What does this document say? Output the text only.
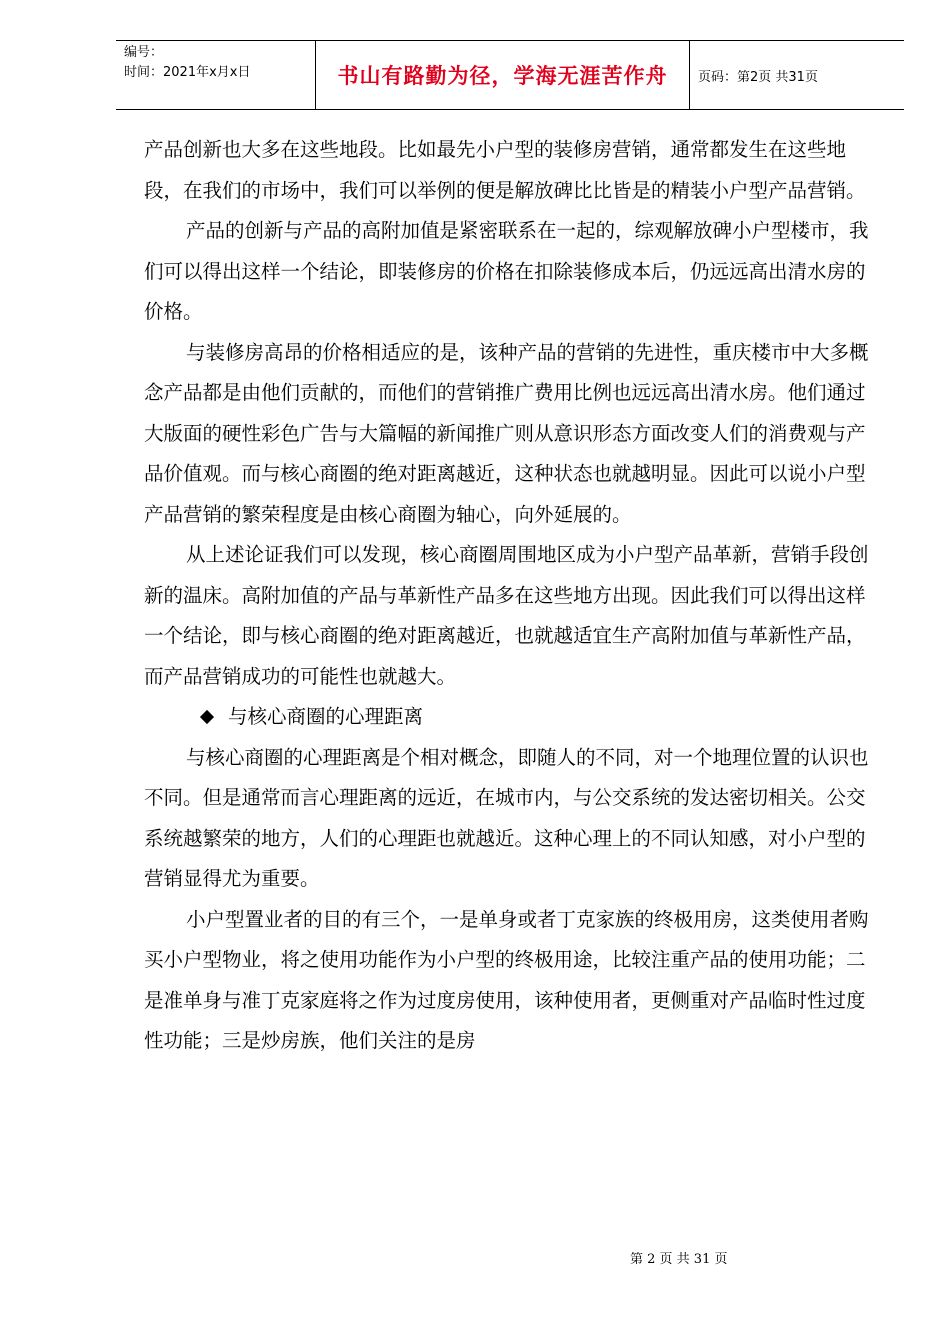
编号：
时间：2021年x月x日	书山有路勤为径，学海无涯苦作舟	页码：第2页 共31页

产品创新也大多在这些地段。比如最先小户型的装修房营销，通常都发生在这些地段，在我们的市场中，我们可以举例的便是解放碑比比皆是的精装小户型产品营销。

产品的创新与产品的高附加值是紧密联系在一起的，综观解放碑小户型楼市，我们可以得出这样一个结论，即装修房的价格在扣除装修成本后，仍远远高出清水房的价格。

与装修房高昂的价格相适应的是，该种产品的营销的先进性，重庆楼市中大多概念产品都是由他们贡献的，而他们的营销推广费用比例也远远高出清水房。他们通过大版面的硬性彩色广告与大篇幅的新闻推广则从意识形态方面改变人们的消费观与产品价值观。而与核心商圈的绝对距离越近，这种状态也就越明显。因此可以说小户型产品营销的繁荣程度是由核心商圈为轴心，向外延展的。

从上述论证我们可以发现，核心商圈周围地区成为小户型产品革新，营销手段创新的温床。高附加值的产品与革新性产品多在这些地方出现。因此我们可以得出这样一个结论，即与核心商圈的绝对距离越近，也就越适宜生产高附加值与革新性产品，而产品营销成功的可能性也就越大。

与核心商圈的心理距离

与核心商圈的心理距离是个相对概念，即随人的不同，对一个地理位置的认识也不同。但是通常而言心理距离的远近，在城市内，与公交系统的发达密切相关。公交系统越繁荣的地方，人们的心理距也就越近。这种心理上的不同认知感，对小户型的营销显得尤为重要。

小户型置业者的目的有三个，一是单身或者丁克家族的终极用房，这类使用者购买小户型物业，将之使用功能作为小户型的终极用途，比较注重产品的使用功能；二是准单身与准丁克家庭将之作为过度房使用，该种使用者，更侧重对产品临时性过度性功能；三是炒房族，他们关注的是房

第 2 页 共 31 页
